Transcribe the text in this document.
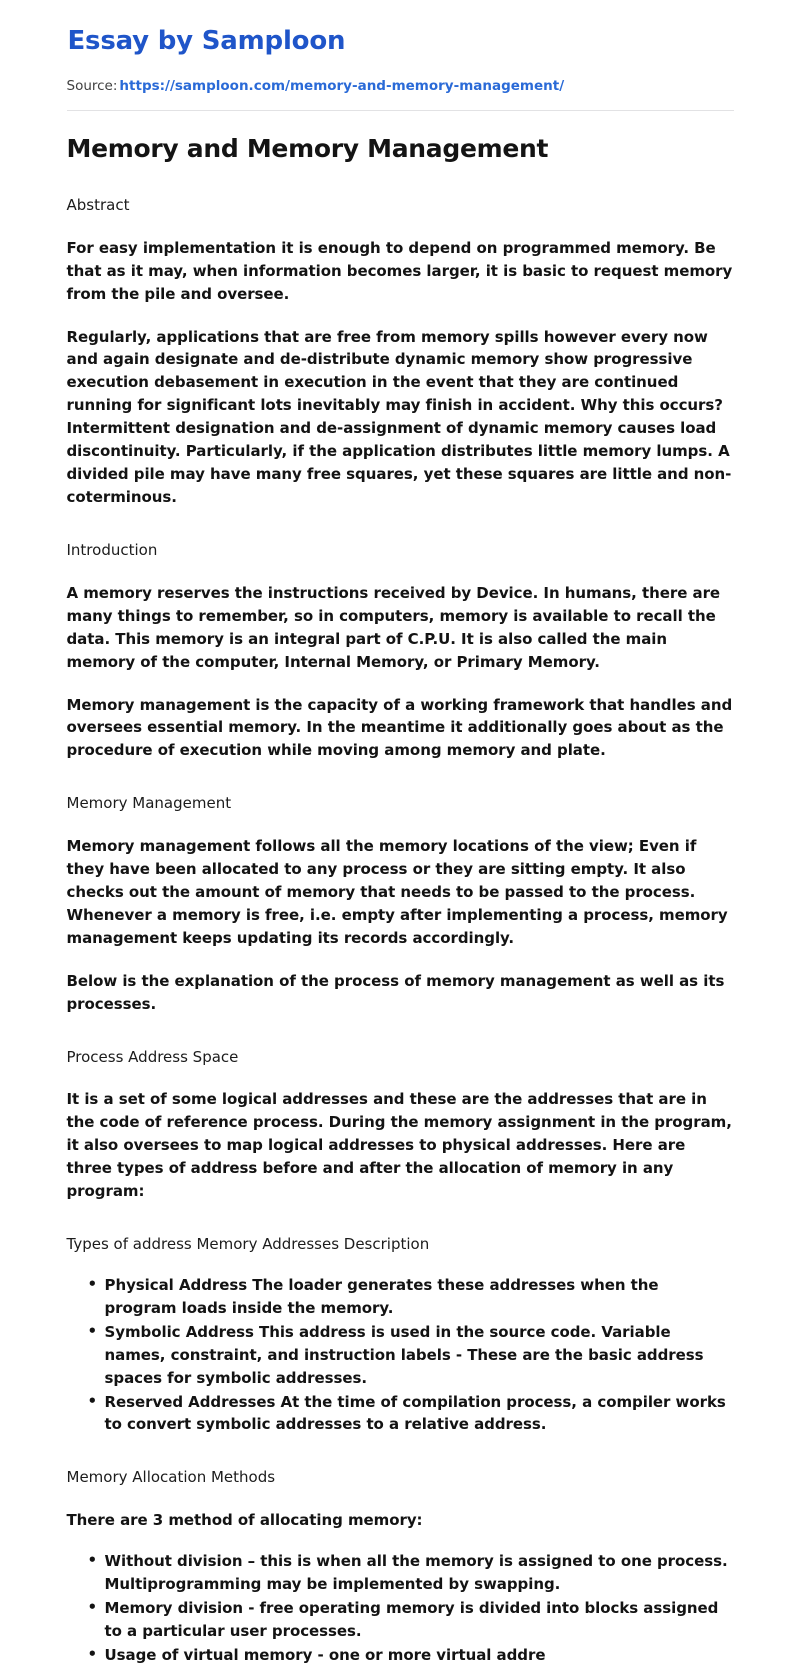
Essay by Samploon
Source: https://samploon.com/memory-and-memory-management/
Memory and Memory Management
Abstract

For easy implementation it is enough to depend on programmed memory. Be that as it may, when information becomes larger, it is basic to request memory from the pile and oversee.

Regularly, applications that are free from memory spills however every now and again designate and de-distribute dynamic memory show progressive execution debasement in execution in the event that they are continued running for significant lots inevitably may finish in accident. Why this occurs? Intermittent designation and de-assignment of dynamic memory causes load discontinuity. Particularly, if the application distributes little memory lumps. A divided pile may have many free squares, yet these squares are little and non-coterminous.

Introduction

A memory reserves the instructions received by Device. In humans, there are many things to remember, so in computers, memory is available to recall the data. This memory is an integral part of C.P.U. It is also called the main memory of the computer, Internal Memory, or Primary Memory.

Memory management is the capacity of a working framework that handles and oversees essential memory. In the meantime it additionally goes about as the procedure of execution while moving among memory and plate.

Memory Management

Memory management follows all the memory locations of the view; Even if they have been allocated to any process or they are sitting empty. It also checks out the amount of memory that needs to be passed to the process. Whenever a memory is free, i.e. empty after implementing a process, memory management keeps updating its records accordingly.

Below is the explanation of the process of memory management as well as its processes.

Process Address Space

It is a set of some logical addresses and these are the addresses that are in the code of reference process. During the memory assignment in the program, it also oversees to map logical addresses to physical addresses. Here are three types of address before and after the allocation of memory in any program:

Types of address Memory Addresses Description
• Physical Address The loader generates these addresses when the program loads inside the memory.
• Symbolic Address This address is used in the source code. Variable names, constraint, and instruction labels - These are the basic address spaces for symbolic addresses.
• Reserved Addresses At the time of compilation process, a compiler works to convert symbolic addresses to a relative address.
Memory Allocation Methods

There are 3 method of allocating memory:

• Without division – this is when all the memory is assigned to one process. Multiprogramming may be implemented by swapping.
• Memory division - free operating memory is divided into blocks assigned to a particular user processes.
• Usage of virtual memory - one or more virtual addre
